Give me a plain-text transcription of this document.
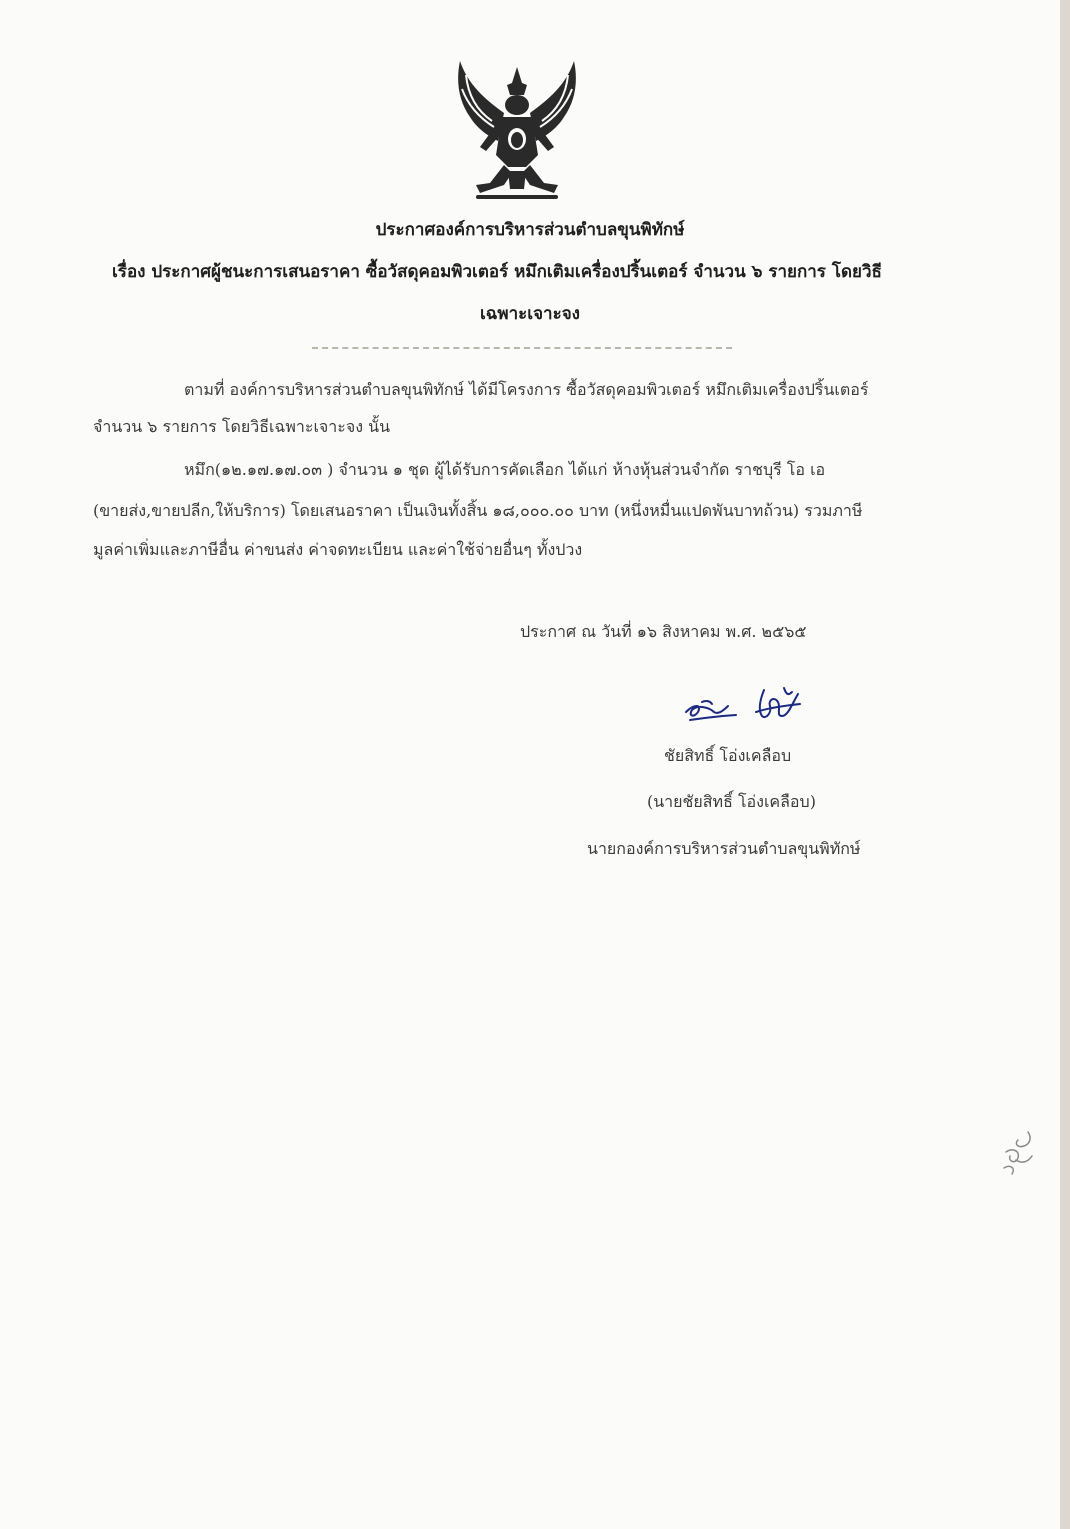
ประกาศองค์การบริหารส่วนตำบลขุนพิทักษ์
เรื่อง ประกาศผู้ชนะการเสนอราคา ซื้อวัสดุคอมพิวเตอร์ หมึกเติมเครื่องปริ้นเตอร์ จำนวน ๖ รายการ โดยวิธี
เฉพาะเจาะจง
ตามที่ องค์การบริหารส่วนตำบลขุนพิทักษ์ ได้มีโครงการ ซื้อวัสดุคอมพิวเตอร์ หมึกเติมเครื่องปริ้นเตอร์
จำนวน ๖ รายการ โดยวิธีเฉพาะเจาะจง นั้น
หมึก(๑๒.๑๗.๑๗.๐๓ ) จำนวน ๑ ชุด ผู้ได้รับการคัดเลือก ได้แก่ ห้างหุ้นส่วนจำกัด ราชบุรี โอ เอ
(ขายส่ง,ขายปลีก,ให้บริการ) โดยเสนอราคา เป็นเงินทั้งสิ้น ๑๘,๐๐๐.๐๐ บาท (หนึ่งหมื่นแปดพันบาทถ้วน) รวมภาษี
มูลค่าเพิ่มและภาษีอื่น ค่าขนส่ง ค่าจดทะเบียน และค่าใช้จ่ายอื่นๆ ทั้งปวง
ประกาศ ณ วันที่ ๑๖ สิงหาคม พ.ศ. ๒๕๖๕
ชัยสิทธิ์ โอ่งเคลือบ
(นายชัยสิทธิ์ โอ่งเคลือบ)
นายกองค์การบริหารส่วนตำบลขุนพิทักษ์
